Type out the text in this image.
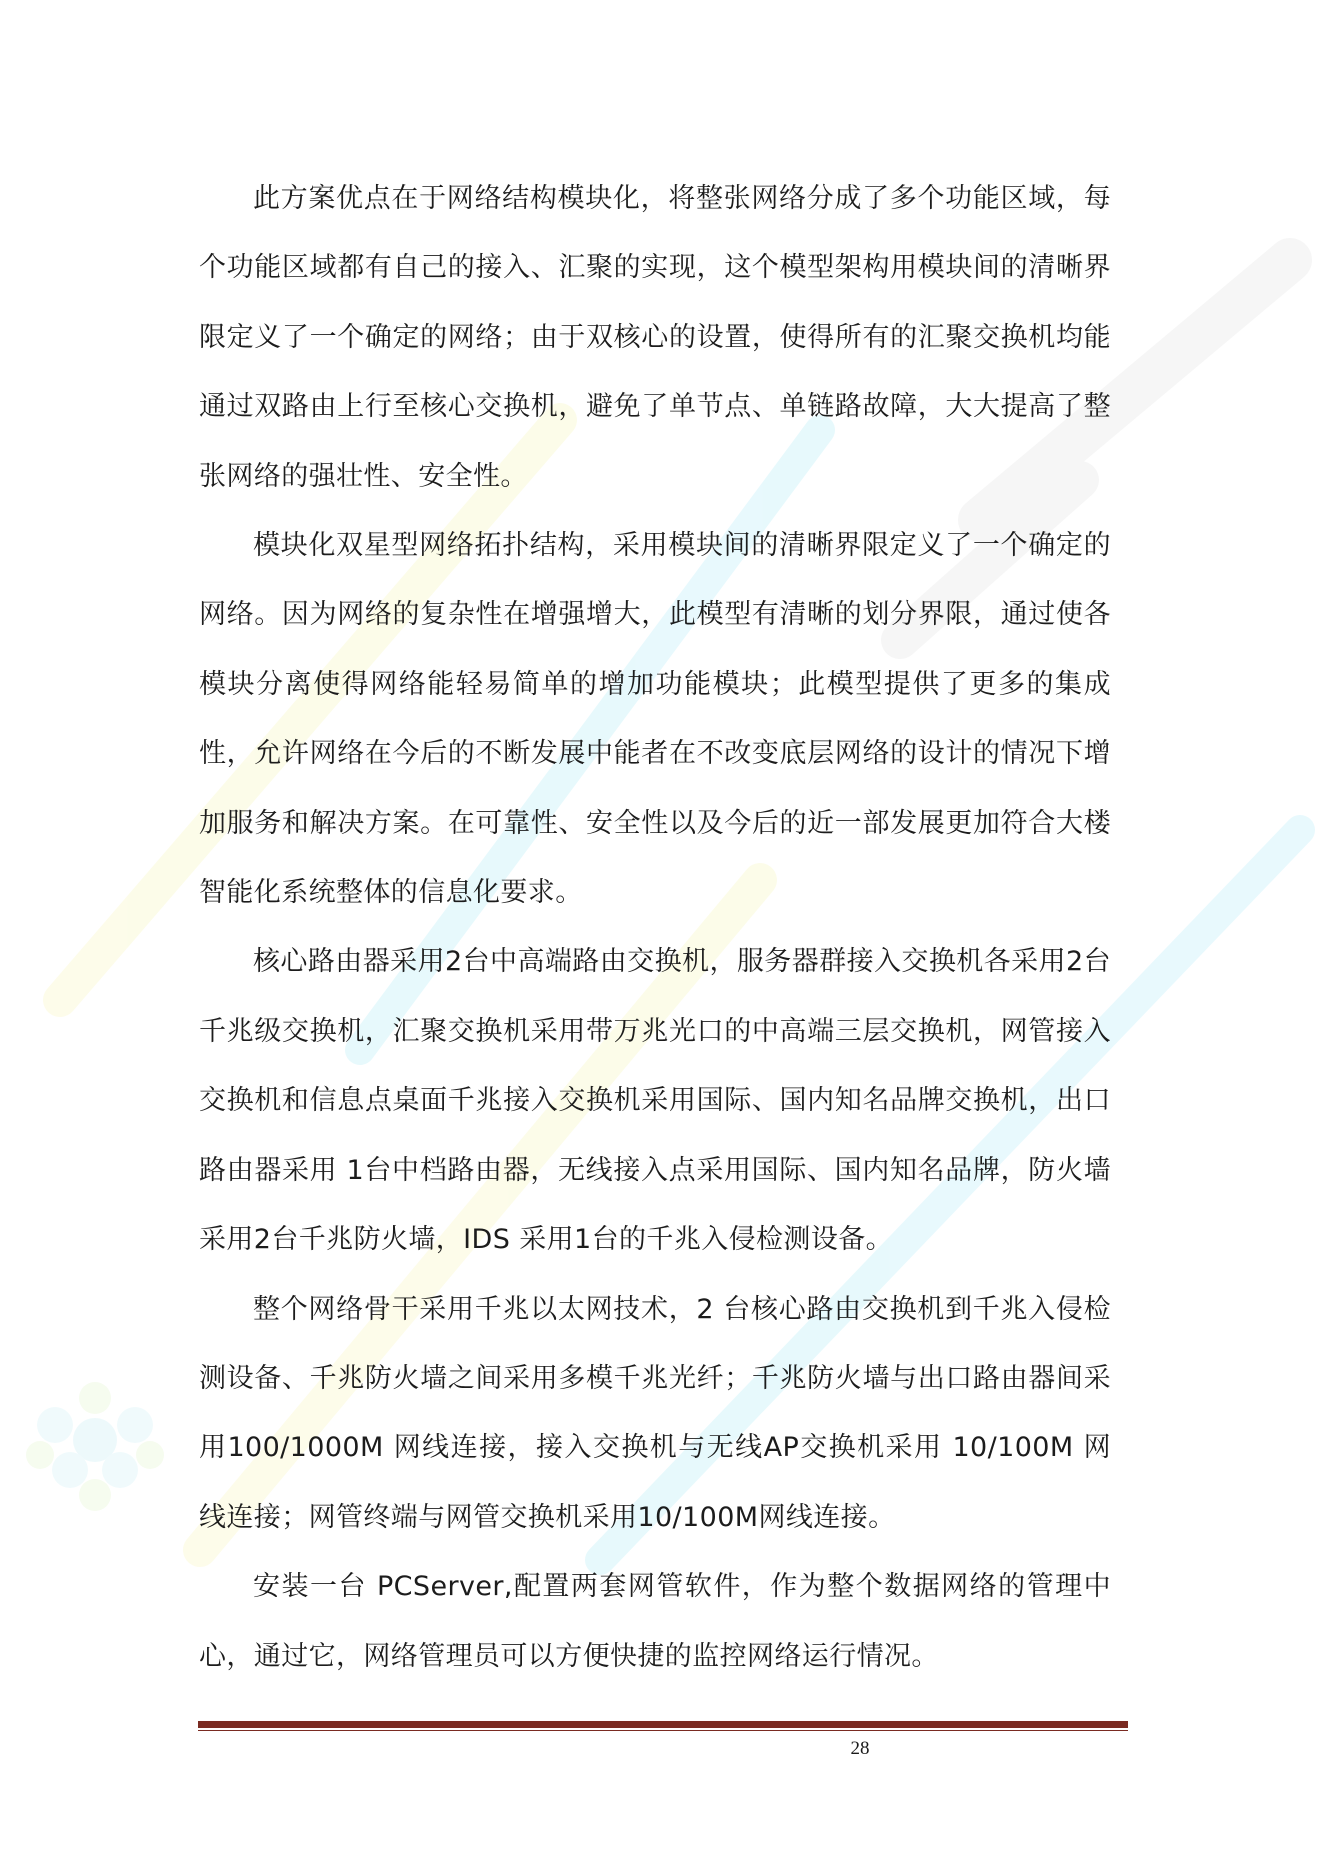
此方案优点在于网络结构模块化，将整张网络分成了多个功能区域，每个功能区域都有自己的接入、汇聚的实现，这个模型架构用模块间的清晰界限定义了一个确定的网络；由于双核心的设置，使得所有的汇聚交换机均能通过双路由上行至核心交换机，避免了单节点、单链路故障，大大提高了整张网络的强壮性、安全性。

模块化双星型网络拓扑结构，采用模块间的清晰界限定义了一个确定的网络。因为网络的复杂性在增强增大，此模型有清晰的划分界限，通过使各模块分离使得网络能轻易简单的增加功能模块；此模型提供了更多的集成性，允许网络在今后的不断发展中能者在不改变底层网络的设计的情况下增加服务和解决方案。在可靠性、安全性以及今后的近一部发展更加符合大楼智能化系统整体的信息化要求。

核心路由器采用2台中高端路由交换机，服务器群接入交换机各采用2台千兆级交换机，汇聚交换机采用带万兆光口的中高端三层交换机，网管接入交换机和信息点桌面千兆接入交换机采用国际、国内知名品牌交换机，出口路由器采用 1台中档路由器，无线接入点采用国际、国内知名品牌，防火墙采用2台千兆防火墙，IDS 采用1台的千兆入侵检测设备。

整个网络骨干采用千兆以太网技术，2 台核心路由交换机到千兆入侵检测设备、千兆防火墙之间采用多模千兆光纤；千兆防火墙与出口路由器间采用100/1000M 网线连接，接入交换机与无线AP交换机采用 10/100M 网线连接；网管终端与网管交换机采用10/100M网线连接。

安装一台 PCServer,配置两套网管软件，作为整个数据网络的管理中心，通过它，网络管理员可以方便快捷的监控网络运行情况。

28
